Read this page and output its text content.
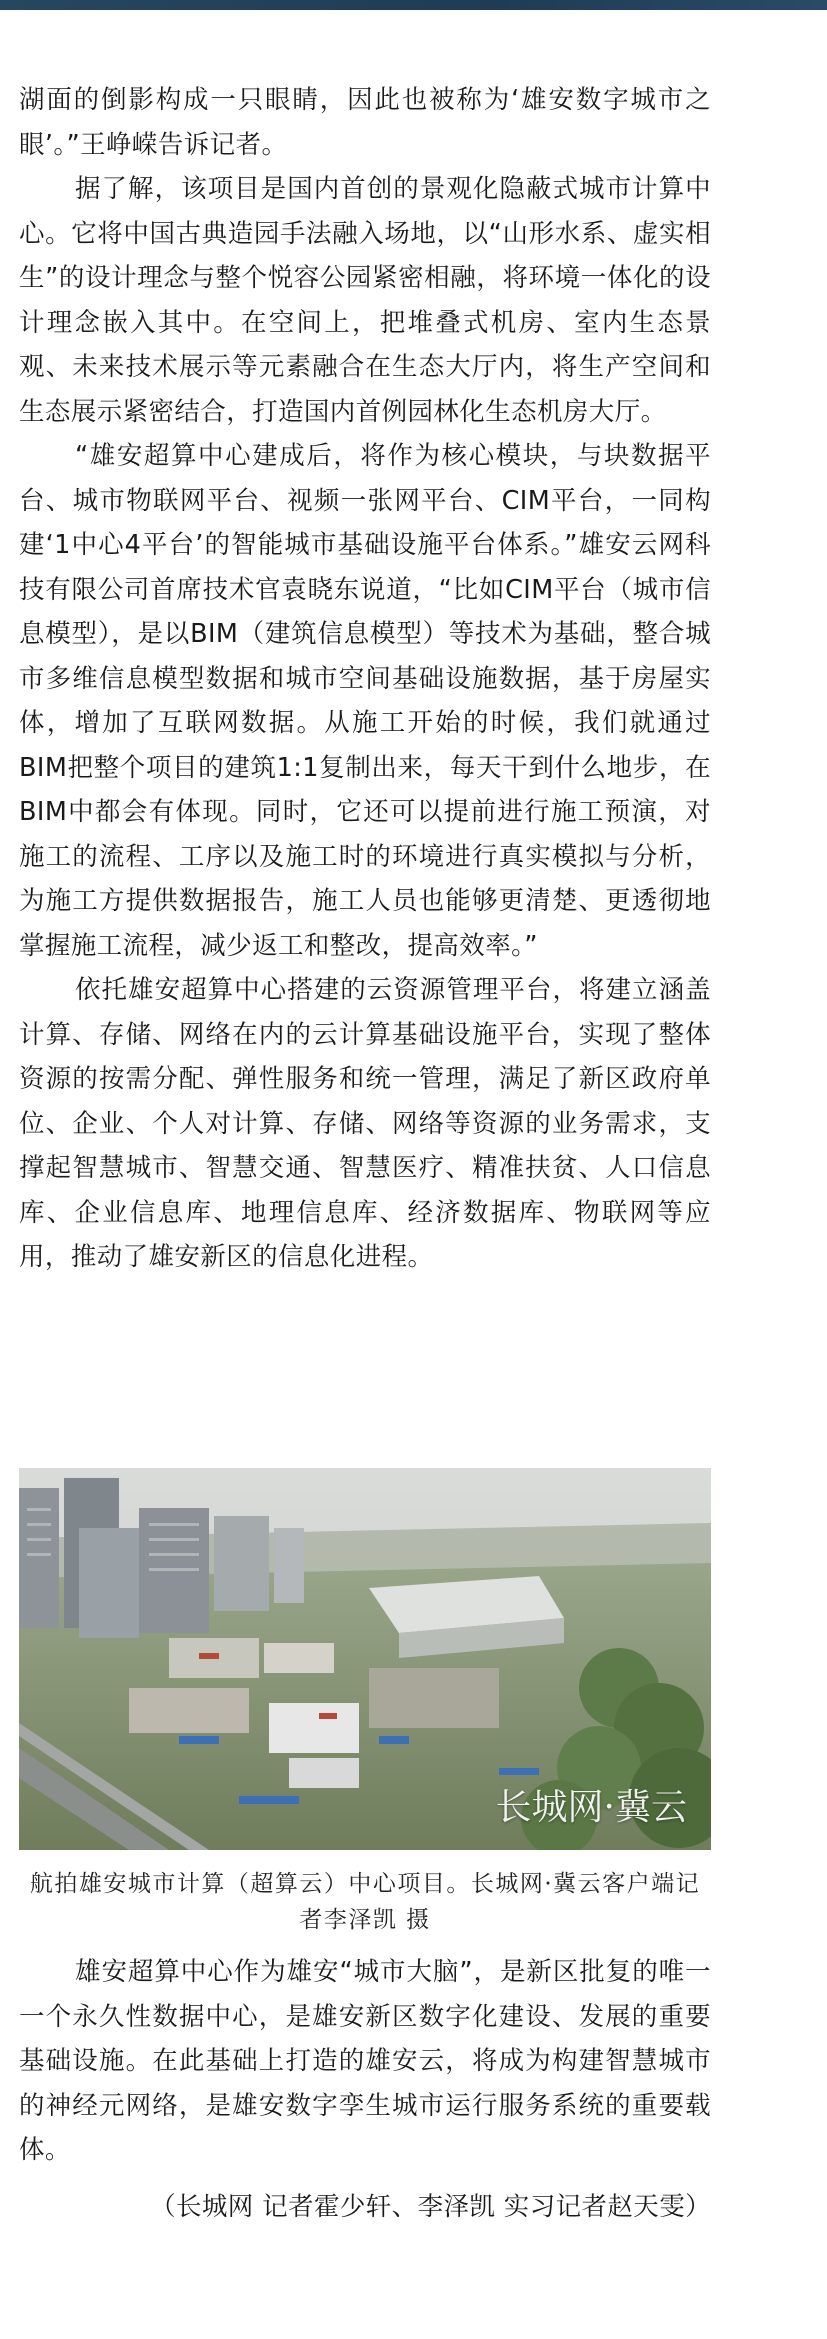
湖面的倒影构成一只眼睛，因此也被称为‘雄安数字城市之眼’。”王峥嵘告诉记者。

据了解，该项目是国内首创的景观化隐蔽式城市计算中心。它将中国古典造园手法融入场地，以“山形水系、虚实相生”的设计理念与整个悦容公园紧密相融，将环境一体化的设计理念嵌入其中。在空间上，把堆叠式机房、室内生态景观、未来技术展示等元素融合在生态大厅内，将生产空间和生态展示紧密结合，打造国内首例园林化生态机房大厅。

“雄安超算中心建成后，将作为核心模块，与块数据平台、城市物联网平台、视频一张网平台、CIM平台，一同构建‘1中心4平台’的智能城市基础设施平台体系。”雄安云网科技有限公司首席技术官袁晓东说道，“比如CIM平台（城市信息模型），是以BIM（建筑信息模型）等技术为基础，整合城市多维信息模型数据和城市空间基础设施数据，基于房屋实体，增加了互联网数据。从施工开始的时候，我们就通过BIM把整个项目的建筑1:1复制出来，每天干到什么地步，在BIM中都会有体现。同时，它还可以提前进行施工预演，对施工的流程、工序以及施工时的环境进行真实模拟与分析，为施工方提供数据报告，施工人员也能够更清楚、更透彻地掌握施工流程，减少返工和整改，提高效率。”

依托雄安超算中心搭建的云资源管理平台，将建立涵盖计算、存储、网络在内的云计算基础设施平台，实现了整体资源的按需分配、弹性服务和统一管理，满足了新区政府单位、企业、个人对计算、存储、网络等资源的业务需求，支撑起智慧城市、智慧交通、智慧医疗、精准扶贫、人口信息库、企业信息库、地理信息库、经济数据库、物联网等应用，推动了雄安新区的信息化进程。

长城网·冀云
航拍雄安城市计算（超算云）中心项目。长城网·冀云客户端记者李泽凯 摄

雄安超算中心作为雄安“城市大脑”，是新区批复的唯一一个永久性数据中心，是雄安新区数字化建设、发展的重要基础设施。在此基础上打造的雄安云，将成为构建智慧城市的神经元网络，是雄安数字孪生城市运行服务系统的重要载体。

（长城网 记者霍少轩、李泽凯 实习记者赵天雯）
